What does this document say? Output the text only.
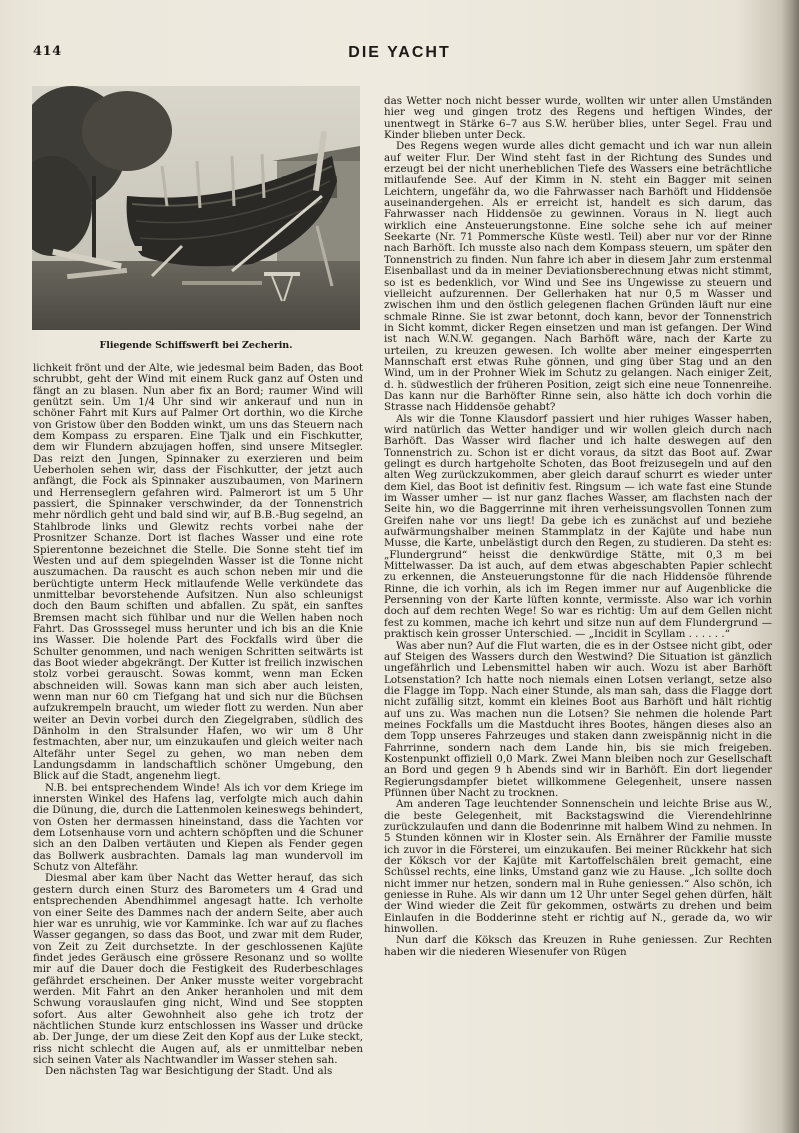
414	DIE YACHT
Fliegende Schiffswerft bei Zecherin.

lichkeit frönt und der Alte, wie jedesmal beim Baden, das Boot schrubbt, geht der Wind mit einem Ruck ganz auf Osten und fängt an zu blasen. Nun aber fix an Bord; raumer Wind will genützt sein. Um 1/4 Uhr sind wir ankerauf und nun in schöner Fahrt mit Kurs auf Palmer Ort dorthin, wo die Kirche von Gristow über den Bodden winkt, um uns das Steuern nach dem Kompass zu ersparen. Eine Tjalk und ein Fischkutter, dem wir Flundern abzujagen hoffen, sind unsere Mitsegler. Das reizt den Jungen, Spinnaker zu exerzieren und beim Ueberholen sehen wir, dass der Fischkutter, der jetzt auch anfängt, die Fock als Spinnaker auszubaumen, von Marinern und Herrenseglern gefahren wird. Palmerort ist um 5 Uhr passiert, die Spinnaker verschwinder, da der Tonnenstrich mehr nördlich geht und bald sind wir, auf B.B.-Bug segelnd, an Stahlbrode links und Glewitz rechts vorbei nahe der Prosnitzer Schanze. Dort ist flaches Wasser und eine rote Spierentonne bezeichnet die Stelle. Die Sonne steht tief im Westen und auf dem spiegelnden Wasser ist die Tonne nicht auszumachen. Da rauscht es auch schon neben mir und die berüchtigte unterm Heck mitlaufende Welle verkündete das unmittelbar bevorstehende Aufsitzen. Nun also schleunigst doch den Baum schiften und abfallen. Zu spät, ein sanftes Bremsen macht sich fühlbar und nur die Wellen haben noch Fahrt. Das Grosssegel muss herunter und ich bis an die Knie ins Wasser. Die holende Part des Fockfalls wird über die Schulter genommen, und nach wenigen Schritten seitwärts ist das Boot wieder abgekrängt. Der Kutter ist freilich inzwischen stolz vorbei gerauscht. Sowas kommt, wenn man Ecken abschneiden will. Sowas kann man sich aber auch leisten, wenn man nur 60 cm Tiefgang hat und sich nur die Büchsen aufzukrempeln braucht, um wieder flott zu werden. Nun aber weiter an Devin vorbei durch den Ziegelgraben, südlich des Dänholm in den Stralsunder Hafen, wo wir um 8 Uhr festmachten, aber nur, um einzukaufen und gleich weiter nach Altefähr unter Segel zu gehen, wo man neben dem Landungsdamm in landschaftlich schöner Umgebung, den Blick auf die Stadt, angenehm liegt.

N.B. bei entsprechendem Winde! Als ich vor dem Kriege im innersten Winkel des Hafens lag, verfolgte mich auch dahin die Dünung, die, durch die Lattenmolen keineswegs behindert, von Osten her dermassen hineinstand, dass die Yachten vor dem Lotsenhause vorn und achtern schöpften und die Schuner sich an den Dalben vertäuten und Kiepen als Fender gegen das Bollwerk ausbrachten. Damals lag man wundervoll im Schutz von Altefähr.

Diesmal aber kam über Nacht das Wetter herauf, das sich gestern durch einen Sturz des Barometers um 4 Grad und entsprechenden Abendhimmel angesagt hatte. Ich verholte von einer Seite des Dammes nach der andern Seite, aber auch hier war es unruhig, wie vor Kamminke. Ich war auf zu flaches Wasser gegangen, so dass das Boot, und zwar mit dem Ruder, von Zeit zu Zeit durchsetzte. In der geschlossenen Kajüte findet jedes Geräusch eine grössere Resonanz und so wollte mir auf die Dauer doch die Festigkeit des Ruderbeschlages gefährdet erscheinen. Der Anker musste weiter vorgebracht werden. Mit Fahrt an den Anker heranholen und mit dem Schwung vorauslaufen ging nicht, Wind und See stoppten sofort. Aus alter Gewohnheit also gehe ich trotz der nächtlichen Stunde kurz entschlossen ins Wasser und drücke ab. Der Junge, der um diese Zeit den Kopf aus der Luke steckt, riss nicht schlecht die Augen auf, als er unmittelbar neben sich seinen Vater als Nachtwandler im Wasser stehen sah.

Den nächsten Tag war Besichtigung der Stadt. Und als

das Wetter noch nicht besser wurde, wollten wir unter allen Umständen hier weg und gingen trotz des Regens und heftigen Windes, der unentwegt in Stärke 6–7 aus S.W. herüber blies, unter Segel. Frau und Kinder blieben unter Deck.

Des Regens wegen wurde alles dicht gemacht und ich war nun allein auf weiter Flur. Der Wind steht fast in der Richtung des Sundes und erzeugt bei der nicht unerheblichen Tiefe des Wassers eine beträchtliche mitlaufende See. Auf der Kimm in N. steht ein Bagger mit seinen Leichtern, ungefähr da, wo die Fahrwasser nach Barhöft und Hiddensöe auseinandergehen. Als er erreicht ist, handelt es sich darum, das Fahrwasser nach Hiddensöe zu gewinnen. Voraus in N. liegt auch wirklich eine Ansteuerungstonne. Eine solche sehe ich auf meiner Seekarte (Nr. 71 Pommersche Küste westl. Teil) aber nur vor der Rinne nach Barhöft. Ich musste also nach dem Kompass steuern, um später den Tonnenstrich zu finden. Nun fahre ich aber in diesem Jahr zum erstenmal Eisenballast und da in meiner Deviationsberechnung etwas nicht stimmt, so ist es bedenklich, vor Wind und See ins Ungewisse zu steuern und vielleicht aufzurennen. Der Gellerhaken hat nur 0,5 m Wasser und zwischen ihm und den östlich gelegenen flachen Gründen läuft nur eine schmale Rinne. Sie ist zwar betonnt, doch kann, bevor der Tonnenstrich in Sicht kommt, dicker Regen einsetzen und man ist gefangen. Der Wind ist nach W.N.W. gegangen. Nach Barhöft wäre, nach der Karte zu urteilen, zu kreuzen gewesen. Ich wollte aber meiner eingesperrten Mannschaft erst etwas Ruhe gönnen, und ging über Stag und an den Wind, um in der Prohner Wiek im Schutz zu gelangen. Nach einiger Zeit, d. h. südwestlich der früheren Position, zeigt sich eine neue Tonnenreihe. Das kann nur die Barhöfter Rinne sein, also hätte ich doch vorhin die Strasse nach Hiddensöe gehabt?

Als wir die Tonne Klausdorf passiert und hier ruhiges Wasser haben, wird natürlich das Wetter handiger und wir wollen gleich durch nach Barhöft. Das Wasser wird flacher und ich halte deswegen auf den Tonnenstrich zu. Schon ist er dicht voraus, da sitzt das Boot auf. Zwar gelingt es durch hartgeholte Schoten, das Boot freizusegeln und auf den alten Weg zurückzukommen, aber gleich darauf schurrt es wieder unter dem Kiel, das Boot ist definitiv fest. Ringsum — ich wate fast eine Stunde im Wasser umher — ist nur ganz flaches Wasser, am flachsten nach der Seite hin, wo die Baggerrinne mit ihren verheissungsvollen Tonnen zum Greifen nahe vor uns liegt! Da gebe ich es zunächst auf und beziehe aufwärmungshalber meinen Stammplatz in der Kajüte und habe nun Musse, die Karte, unbelästigt durch den Regen, zu studieren. Da steht es: „Flundergrund“ heisst die denkwürdige Stätte, mit 0,3 m bei Mittelwasser. Da ist auch, auf dem etwas abgeschabten Papier schlecht zu erkennen, die Ansteuerungstonne für die nach Hiddensöe führende Rinne, die ich vorhin, als ich im Regen immer nur auf Augenblicke die Persenning von der Karte lüften konnte, vermisste. Also war ich vorhin doch auf dem rechten Wege! So war es richtig: Um auf dem Gellen nicht fest zu kommen, mache ich kehrt und sitze nun auf dem Flundergrund — praktisch kein grosser Unterschied. — „Incidit in Scyllam . . . . . .“

Was aber nun? Auf die Flut warten, die es in der Ostsee nicht gibt, oder auf Steigen des Wassers durch den Westwind? Die Situation ist gänzlich ungefährlich und Lebensmittel haben wir auch. Wozu ist aber Barhöft Lotsenstation? Ich hatte noch niemals einen Lotsen verlangt, setze also die Flagge im Topp. Nach einer Stunde, als man sah, dass die Flagge dort nicht zufällig sitzt, kommt ein kleines Boot aus Barhöft und hält richtig auf uns zu. Was machen nun die Lotsen? Sie nehmen die holende Part meines Fockfalls um die Mastducht ihres Bootes, hängen dieses also an dem Topp unseres Fahrzeuges und staken dann zweispännig nicht in die Fahrrinne, sondern nach dem Lande hin, bis sie mich freigeben. Kostenpunkt offiziell 0,0 Mark. Zwei Mann bleiben noch zur Gesellschaft an Bord und gegen 9 h Abends sind wir in Barhöft. Ein dort liegender Regierungsdampfer bietet willkommene Gelegenheit, unsere nassen Pfünnen über Nacht zu trocknen.

Am anderen Tage leuchtender Sonnenschein und leichte Brise aus W., die beste Gelegenheit, mit Backstagswind die Vierendehlrinne zurückzulaufen und dann die Bodenrinne mit halbem Wind zu nehmen. In 5 Stunden können wir in Kloster sein. Als Ernährer der Familie musste ich zuvor in die Försterei, um einzukaufen. Bei meiner Rückkehr hat sich der Köksch vor der Kajüte mit Kartoffelschälen breit gemacht, eine Schüssel rechts, eine links, Umstand ganz wie zu Hause. „Ich sollte doch nicht immer nur hetzen, sondern mal in Ruhe geniessen.“ Also schön, ich geniesse in Ruhe. Als wir dann um 12 Uhr unter Segel gehen dürfen, hält der Wind wieder die Zeit für gekommen, ostwärts zu drehen und beim Einlaufen in die Bodderinne steht er richtig auf N., gerade da, wo wir hinwollen.

Nun darf die Köksch das Kreuzen in Ruhe geniessen. Zur Rechten haben wir die niederen Wiesenufer von Rügen
